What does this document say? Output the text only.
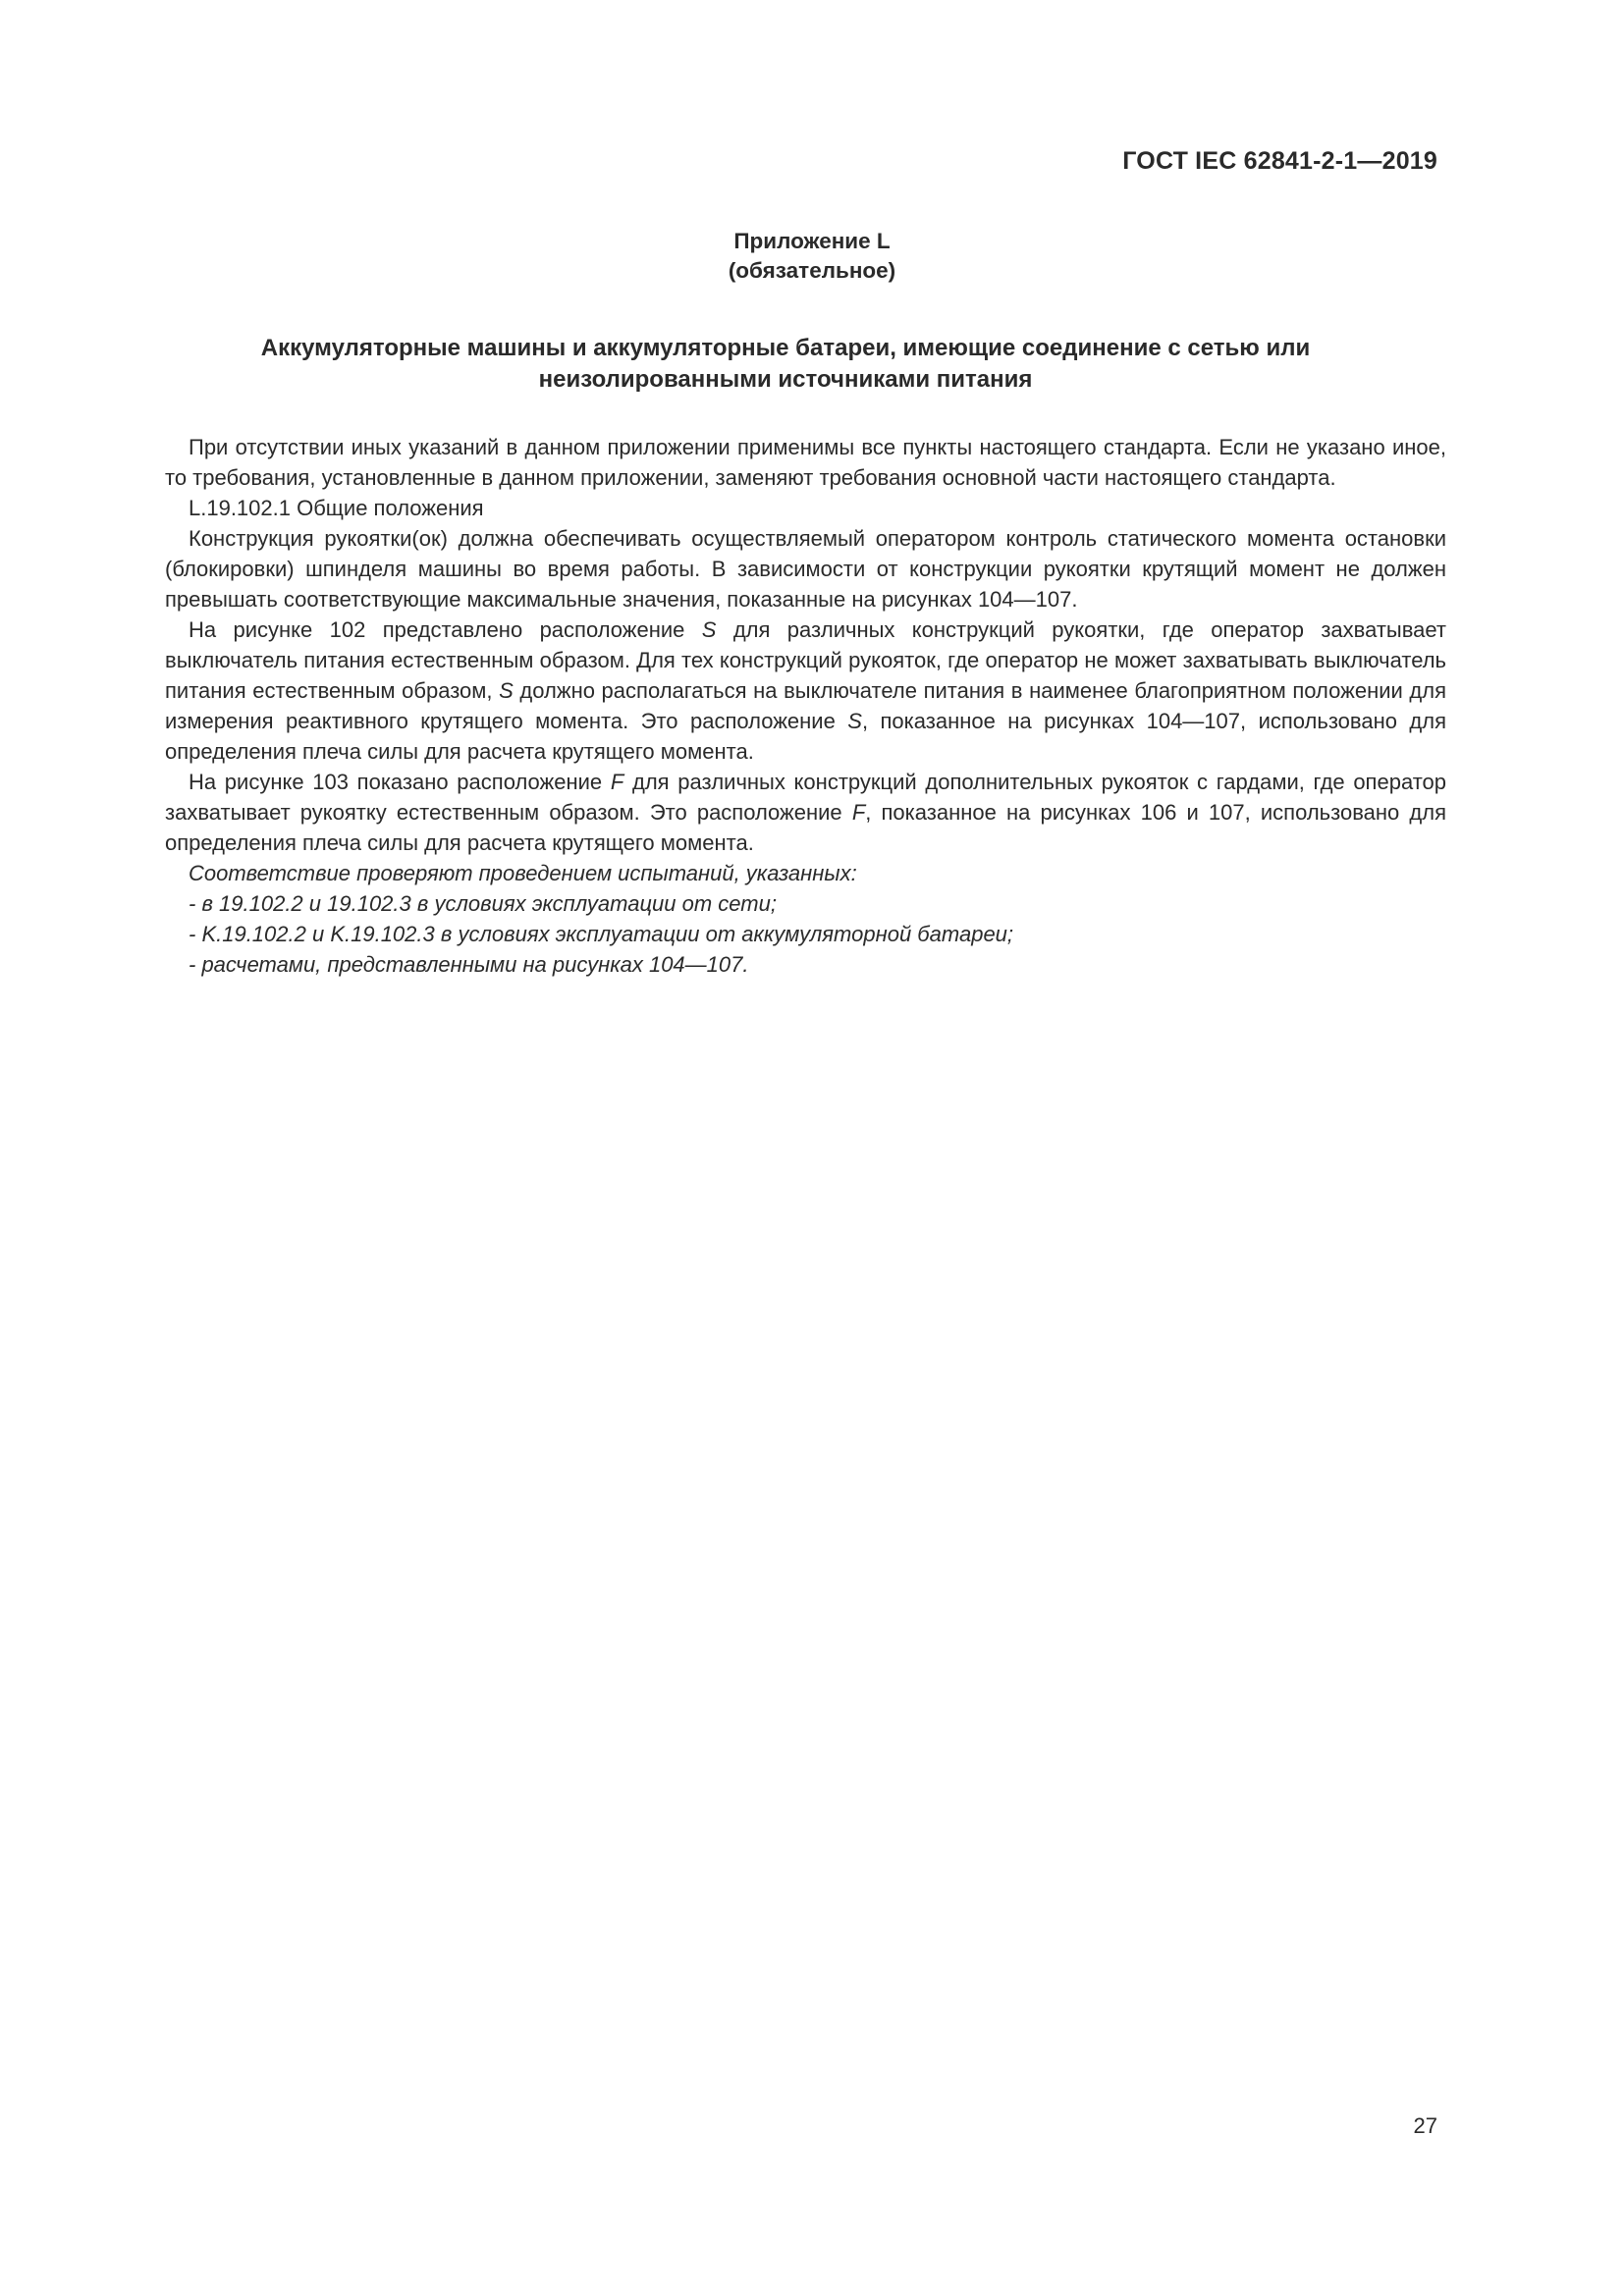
ГОСТ IEC 62841-2-1—2019
Приложение L
(обязательное)
Аккумуляторные машины и аккумуляторные батареи, имеющие соединение с сетью или
неизолированными источниками питания

При отсутствии иных указаний в данном приложении применимы все пункты настоящего стандарта. Если не указано иное, то требования, установленные в данном приложении, заменяют требования основной части настоящего стандарта.

L.19.102.1 Общие положения

Конструкция рукоятки(ок) должна обеспечивать осуществляемый оператором контроль статического момента остановки (блокировки) шпинделя машины во время работы. В зависимости от конструкции рукоятки крутящий момент не должен превышать соответствующие максимальные значения, показанные на рисунках 104—107.

На рисунке 102 представлено расположение S для различных конструкций рукоятки, где оператор захватывает выключатель питания естественным образом. Для тех конструкций рукояток, где оператор не может захватывать выключатель питания естественным образом, S должно располагаться на выключателе питания в наименее благоприятном положении для измерения реактивного крутящего момента. Это расположение S, показанное на рисунках 104—107, использовано для определения плеча силы для расчета крутящего момента.

На рисунке 103 показано расположение F для различных конструкций дополнительных рукояток с гардами, где оператор захватывает рукоятку естественным образом. Это расположение F, показанное на рисунках 106 и 107, использовано для определения плеча силы для расчета крутящего момента.

Соответствие проверяют проведением испытаний, указанных:

- в 19.102.2 и 19.102.3 в условиях эксплуатации от сети;

- K.19.102.2 и K.19.102.3 в условиях эксплуатации от аккумуляторной батареи;

- расчетами, представленными на рисунках 104—107.

27
